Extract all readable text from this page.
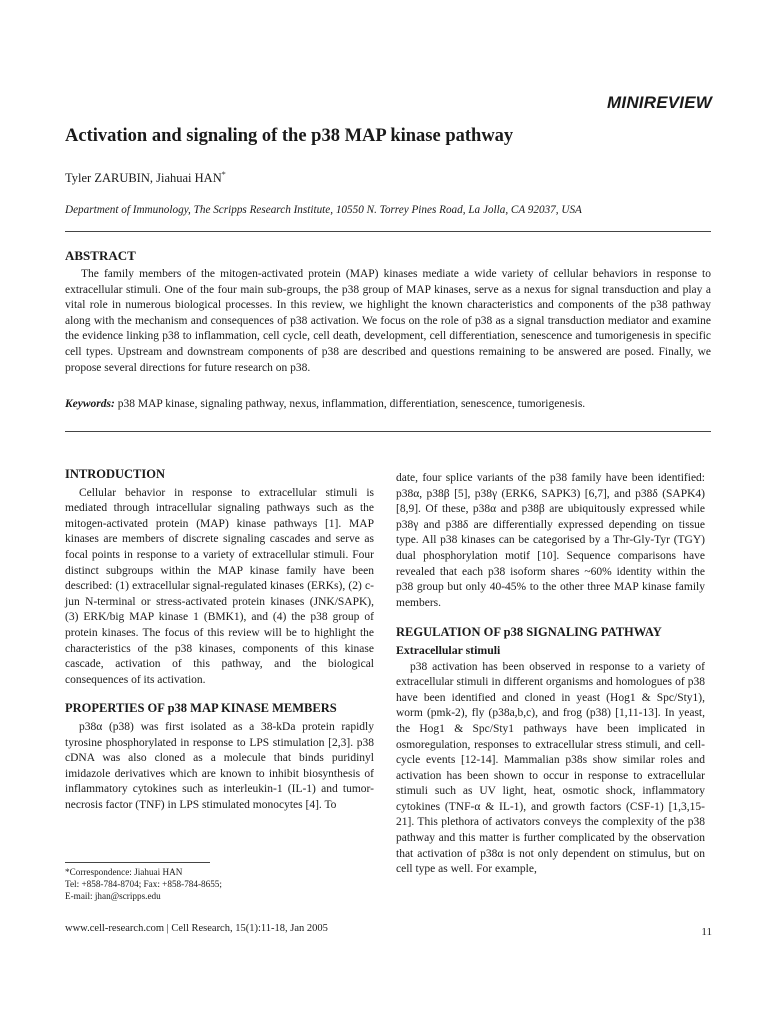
MINIREVIEW
Activation and signaling of the p38 MAP kinase pathway
Tyler ZARUBIN, Jiahuai HAN*
Department of Immunology, The Scripps Research Institute, 10550 N. Torrey Pines Road, La Jolla, CA 92037, USA
ABSTRACT

The family members of the mitogen-activated protein (MAP) kinases mediate a wide variety of cellular behaviors in response to extracellular stimuli. One of the four main sub-groups, the p38 group of MAP kinases, serve as a nexus for signal transduction and play a vital role in numerous biological processes. In this review, we highlight the known characteristics and components of the p38 pathway along with the mechanism and consequences of p38 activation. We focus on the role of p38 as a signal transduction mediator and examine the evidence linking p38 to inflammation, cell cycle, cell death, development, cell differentiation, senescence and tumorigenesis in specific cell types. Upstream and downstream components of p38 are described and questions remaining to be answered are posed. Finally, we propose several directions for future research on p38.

Keywords: p38 MAP kinase, signaling pathway, nexus, inflammation, differentiation, senescence, tumorigenesis.
INTRODUCTION

Cellular behavior in response to extracellular stimuli is mediated through intracellular signaling pathways such as the mitogen-activated protein (MAP) kinase pathways [1]. MAP kinases are members of discrete signaling cascades and serve as focal points in response to a variety of extracellular stimuli. Four distinct subgroups within the MAP kinase family have been described: (1) extracellular signal-regulated kinases (ERKs), (2) c-jun N-terminal or stress-activated protein kinases (JNK/SAPK), (3) ERK/big MAP kinase 1 (BMK1), and (4) the p38 group of protein kinases. The focus of this review will be to highlight the characteristics of the p38 kinases, components of this kinase cascade, activation of this pathway, and the biological consequences of its activation.

PROPERTIES OF p38 MAP KINASE MEMBERS

p38α (p38) was first isolated as a 38-kDa protein rapidly tyrosine phosphorylated in response to LPS stimulation [2,3]. p38 cDNA was also cloned as a molecule that binds puridinyl imidazole derivatives which are known to inhibit biosynthesis of inflammatory cytokines such as interleukin-1 (IL-1) and tumor-necrosis factor (TNF) in LPS stimulated monocytes [4]. To

date, four splice variants of the p38 family have been identified: p38α, p38β [5], p38γ (ERK6, SAPK3) [6,7], and p38δ (SAPK4) [8,9]. Of these, p38α and p38β are ubiquitously expressed while p38γ and p38δ are differentially expressed depending on tissue type. All p38 kinases can be categorised by a Thr-Gly-Tyr (TGY) dual phosphorylation motif [10]. Sequence comparisons have revealed that each p38 isoform shares ~60% identity within the p38 group but only 40-45% to the other three MAP kinase family members.

REGULATION OF p38 SIGNALING PATHWAY
Extracellular stimuli

p38 activation has been observed in response to a variety of extracellular stimuli in different organisms and homologues of p38 have been identified and cloned in yeast (Hog1 & Spc/Sty1), worm (pmk-2), fly (p38a,b,c), and frog (p38) [1,11-13]. In yeast, the Hog1 & Spc/Sty1 pathways have been implicated in osmoregulation, responses to extracellular stress stimuli, and cell-cycle events [12-14]. Mammalian p38s show similar roles and activation has been shown to occur in response to extracellular stimuli such as UV light, heat, osmotic shock, inflammatory cytokines (TNF-α & IL-1), and growth factors (CSF-1) [1,3,15-21]. This plethora of activators conveys the complexity of the p38 pathway and this matter is further complicated by the observation that activation of p38α is not only dependent on stimulus, but on cell type as well. For example,

*Correspondence: Jiahuai HAN
Tel: +858-784-8704; Fax: +858-784-8655;
E-mail: jhan@scripps.edu
www.cell-research.com | Cell Research, 15(1):11-18, Jan 2005	11
